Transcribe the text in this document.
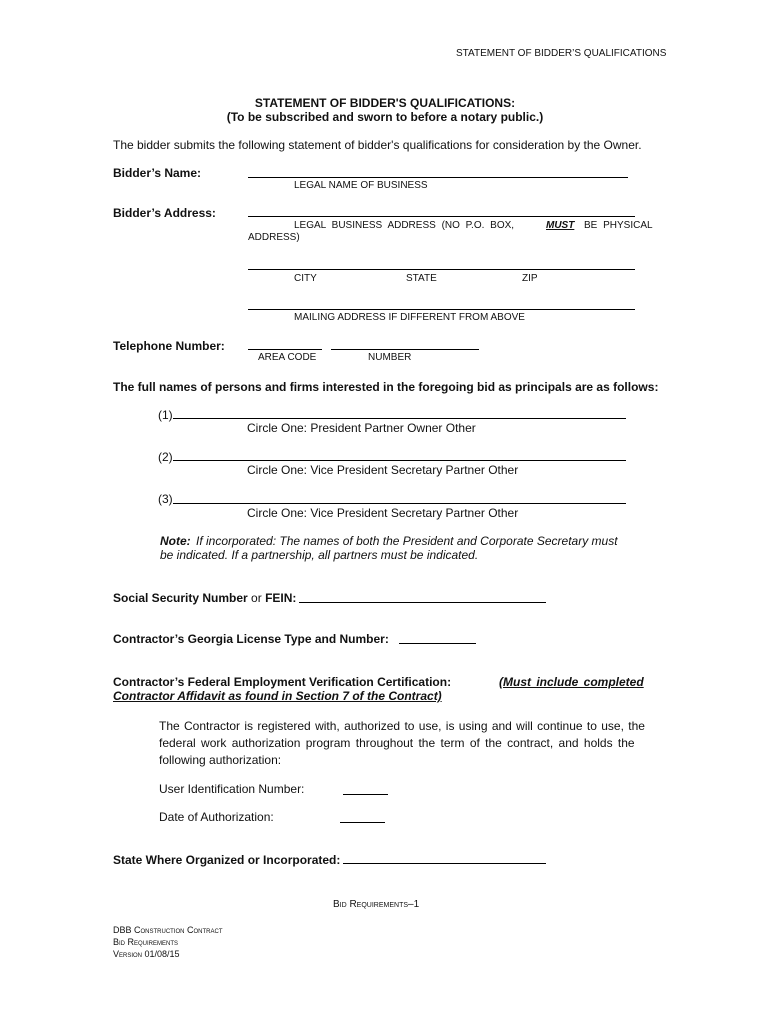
STATEMENT OF BIDDER’S QUALIFICATIONS
STATEMENT OF BIDDER'S QUALIFICATIONS:
(To be subscribed and sworn to before a notary public.)
The bidder submits the following statement of bidder's qualifications for consideration by the Owner.
Bidder’s Name:
LEGAL NAME OF BUSINESS
Bidder’s Address:
LEGAL BUSINESS ADDRESS (NO P.O. BOX,	MUST BE PHYSICAL
ADDRESS)
CITY	STATE	ZIP
MAILING ADDRESS IF DIFFERENT FROM ABOVE
Telephone Number:
AREA CODE	NUMBER
The full names of persons and firms interested in the foregoing bid as principals are as follows:
(1)
Circle One: President Partner Owner Other
(2)
Circle One: Vice President Secretary Partner Other
(3)
Circle One: Vice President Secretary Partner Other
Note: If incorporated: The names of both the President and Corporate Secretary must
be indicated. If a partnership, all partners must be indicated.
Social Security Number or FEIN:
Contractor’s Georgia License Type and Number:
Contractor’s Federal Employment Verification Certification:	(Must include completed
Contractor Affidavit as found in Section 7 of the Contract)
The Contractor is registered with, authorized to use, is using and will continue to use, the
federal work authorization program throughout the term of the contract, and holds the
following authorization:
User Identification Number:
Date of Authorization:
State Where Organized or Incorporated:
Bid Requirements–1
DBB Construction Contract
Bid Requirements
Version 01/08/15
